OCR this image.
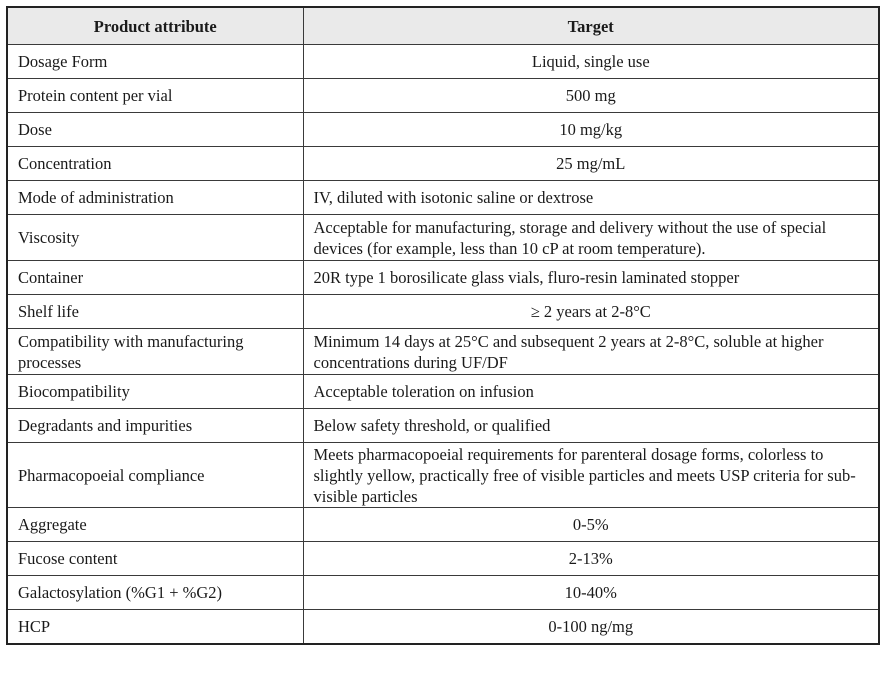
Product attribute	Target
Dosage Form	Liquid, single use
Protein content per vial	500 mg
Dose	10 mg/kg
Concentration	25 mg/mL
Mode of administration	IV, diluted with isotonic saline or dextrose
Viscosity	Acceptable for manufacturing, storage and delivery without the use of special devices (for example, less than 10 cP at room temperature).
Container	20R type 1 borosilicate glass vials, fluro-resin laminated stopper
Shelf life	≥ 2 years at 2-8°C
Compatibility with manufacturing processes	Minimum 14 days at 25°C and subsequent 2 years at 2-8°C, soluble at higher concentrations during UF/DF
Biocompatibility	Acceptable toleration on infusion
Degradants and impurities	Below safety threshold, or qualified
Pharmacopoeial compliance	Meets pharmacopoeial requirements for parenteral dosage forms, colorless to slightly yellow, practically free of visible particles and meets USP criteria for sub-visible particles
Aggregate	0-5%
Fucose content	2-13%
Galactosylation (%G1 + %G2)	10-40%
HCP	0-100 ng/mg
